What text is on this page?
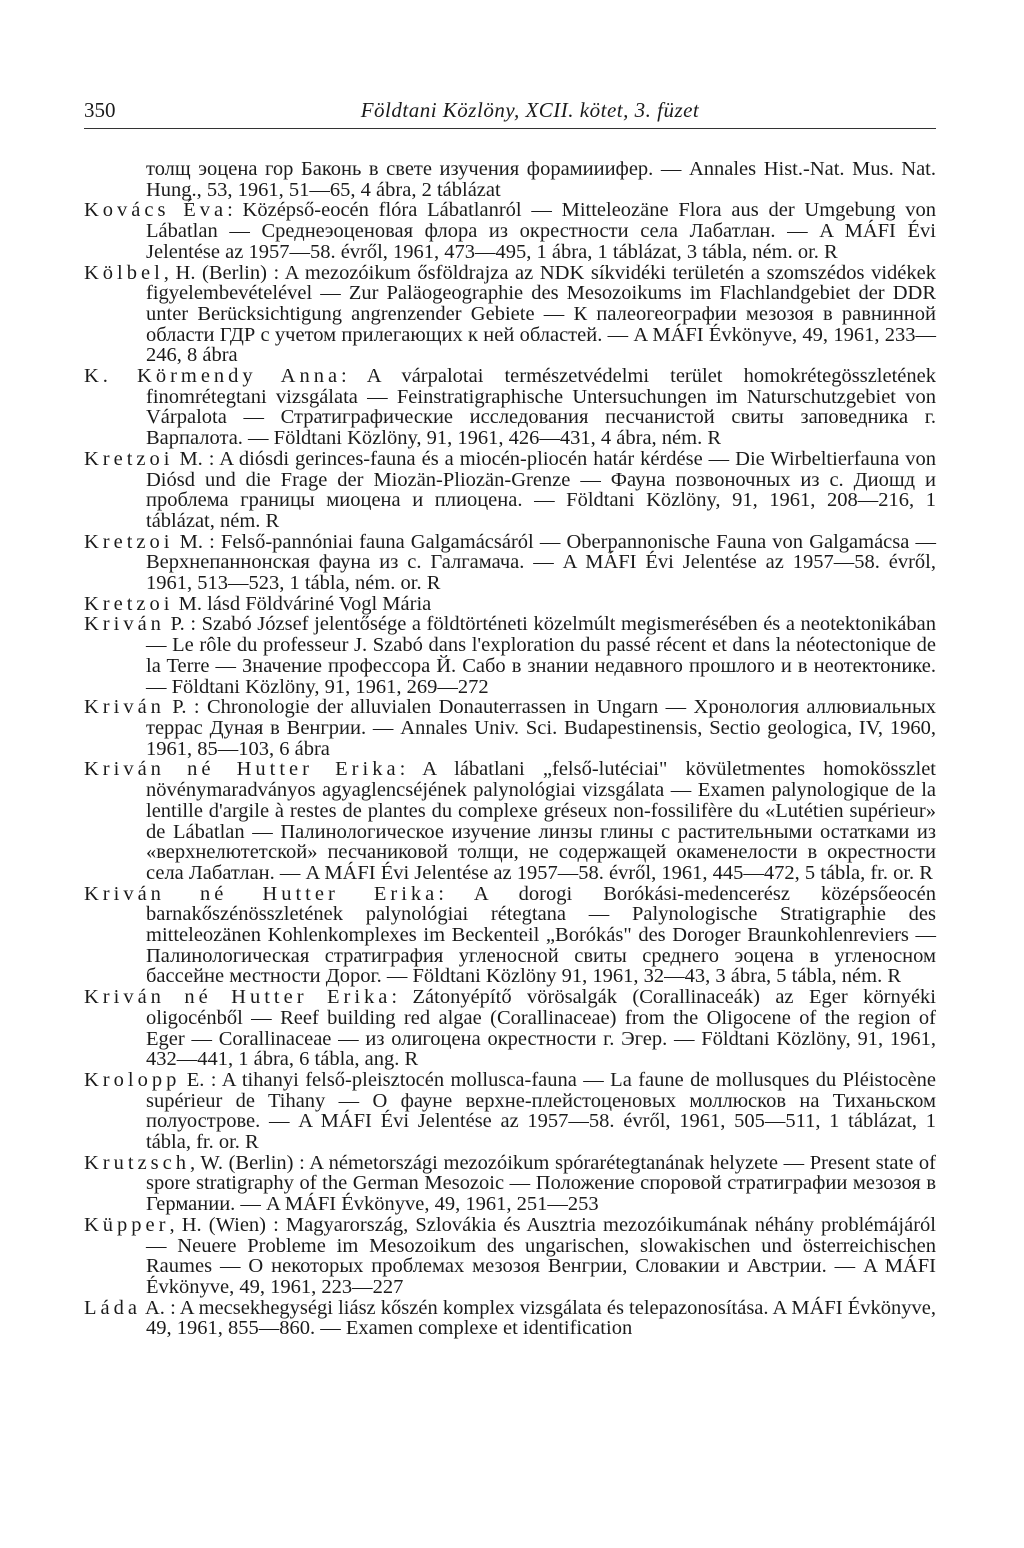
350	Földtani Közlöny, XCII. kötet, 3. füzet

толщ эоцена гор Баконь в свете изучения форамииифер. — Annales Hist.-Nat. Mus. Nat. Hung., 53, 1961, 51—65, 4 ábra, 2 táblázat

Kovács Éva: Középső-eocén flóra Lábatlanról — Mitteleozäne Flora aus der Umgebung von Lábatlan — Среднеэоценовая флора из окрестности села Лабатлан. — A MÁFI Évi Jelentése az 1957—58. évről, 1961, 473—495, 1 ábra, 1 táblázat, 3 tábla, ném. or. R

Kölbel, H. (Berlin) : A mezozóikum ősföldrajza az NDK síkvidéki területén a szomszédos vidékek figyelembevételével — Zur Paläogeographie des Mesozoikums im Flachlandgebiet der DDR unter Berücksichtigung angrenzender Gebiete — К палеогеографии мезозоя в равнинной области ГДР с учетом прилегающих к ней областей. — A MÁFI Évkönyve, 49, 1961, 233—246, 8 ábra

K. Körmendy Anna: A várpalotai természetvédelmi terület homokrétegösszletének finomrétegtani vizsgálata — Feinstratigraphische Untersuchungen im Naturschutzgebiet von Várpalota — Стратиграфические исследования песчанистой свиты заповедника г. Варпалота. — Földtani Közlöny, 91, 1961, 426—431, 4 ábra, ném. R

Kretzoi M. : A diósdi gerinces-fauna és a miocén-pliocén határ kérdése — Die Wirbeltierfauna von Diósd und die Frage der Miozän-Pliozän-Grenze — Фауна позвоночных из с. Диошд и проблема границы миоцена и плиоцена. — Földtani Közlöny, 91, 1961, 208—216, 1 táblázat, ném. R

Kretzoi M. : Felső-pannóniai fauna Galgamácsáról — Oberpannonische Fauna von Galgamácsa — Верхнепаннонская фауна из с. Галгамача. — A MÁFI Évi Jelentése az 1957—58. évről, 1961, 513—523, 1 tábla, ném. or. R

Kretzoi M. lásd Földváriné Vogl Mária

Kriván P. : Szabó József jelentősége a földtörténeti közelmúlt megismerésében és a neotektonikában — Le rôle du professeur J. Szabó dans l'exploration du passé récent et dans la néotectonique de la Terre — Значение профессора Й. Сабо в знании недавного прошлого и в неотектонике. — Földtani Közlöny, 91, 1961, 269—272

Kriván P. : Chronologie der alluvialen Donauterrassen in Ungarn — Хронология аллювиальных террас Дуная в Венгрии. — Annales Univ. Sci. Budapestinensis, Sectio geologica, IV, 1960, 1961, 85—103, 6 ábra

Kriván né Hutter Erika: A lábatlani „felső-lutéciai" kövületmentes homokösszlet növénymaradványos agyaglencséjének palynológiai vizsgálata — Examen palynologique de la lentille d'argile à restes de plantes du complexe gréseux non-fossilifère du «Lutétien supérieur» de Lábatlan — Палинологическое изучение линзы глины с растительными остатками из «верхнелютетской» песчаниковой толщи, не содержащей окаменелости в окрестности села Лабатлан. — A MÁFI Évi Jelentése az 1957—58. évről, 1961, 445—472, 5 tábla, fr. or. R

Kriván né Hutter Erika: A dorogi Borókási-medencerész középsőeocén barnakőszénösszletének palynológiai rétegtana — Palynologische Stratigraphie des mitteleozänen Kohlenkomplexes im Beckenteil „Borókás" des Doroger Braunkohlenreviers — Палинологическая стратиграфия угленосной свиты среднего эоцена в угленосном бассейне местности Дорог. — Földtani Közlöny 91, 1961, 32—43, 3 ábra, 5 tábla, ném. R

Kriván né Hutter Erika: Zátonyépítő vörösalgák (Corallinaceák) az Eger környéki oligocénből — Reef building red algae (Corallinaceae) from the Oligocene of the region of Eger — Corallinaceae — из олигоцена окрестности г. Эгер. — Földtani Közlöny, 91, 1961, 432—441, 1 ábra, 6 tábla, ang. R

Krolopp E. : A tihanyi felső-pleisztocén mollusca-fauna — La faune de mollusques du Pléistocène supérieur de Tihany — О фауне верхне-плейстоценовых моллюсков на Тиханьском полуострове. — A MÁFI Évi Jelentése az 1957—58. évről, 1961, 505—511, 1 táblázat, 1 tábla, fr. or. R

Krutzsch, W. (Berlin) : A németországi mezozóikum spórarétegtanának helyzete — Present state of spore stratigraphy of the German Mesozoic — Положение споровой стратиграфии мезозоя в Германии. — A MÁFI Évkönyve, 49, 1961, 251—253

Küpper, H. (Wien) : Magyarország, Szlovákia és Ausztria mezozóikumának néhány problémájáról — Neuere Probleme im Mesozoikum des ungarischen, slowakischen und österreichischen Raumes — О некоторых проблемах мезозоя Венгрии, Словакии и Австрии. — A MÁFI Évkönyve, 49, 1961, 223—227

Láda A. : A mecsekhegységi liász kőszén komplex vizsgálata és telepazonosítása. A MÁFI Évkönyve, 49, 1961, 855—860. — Examen complexe et identification
